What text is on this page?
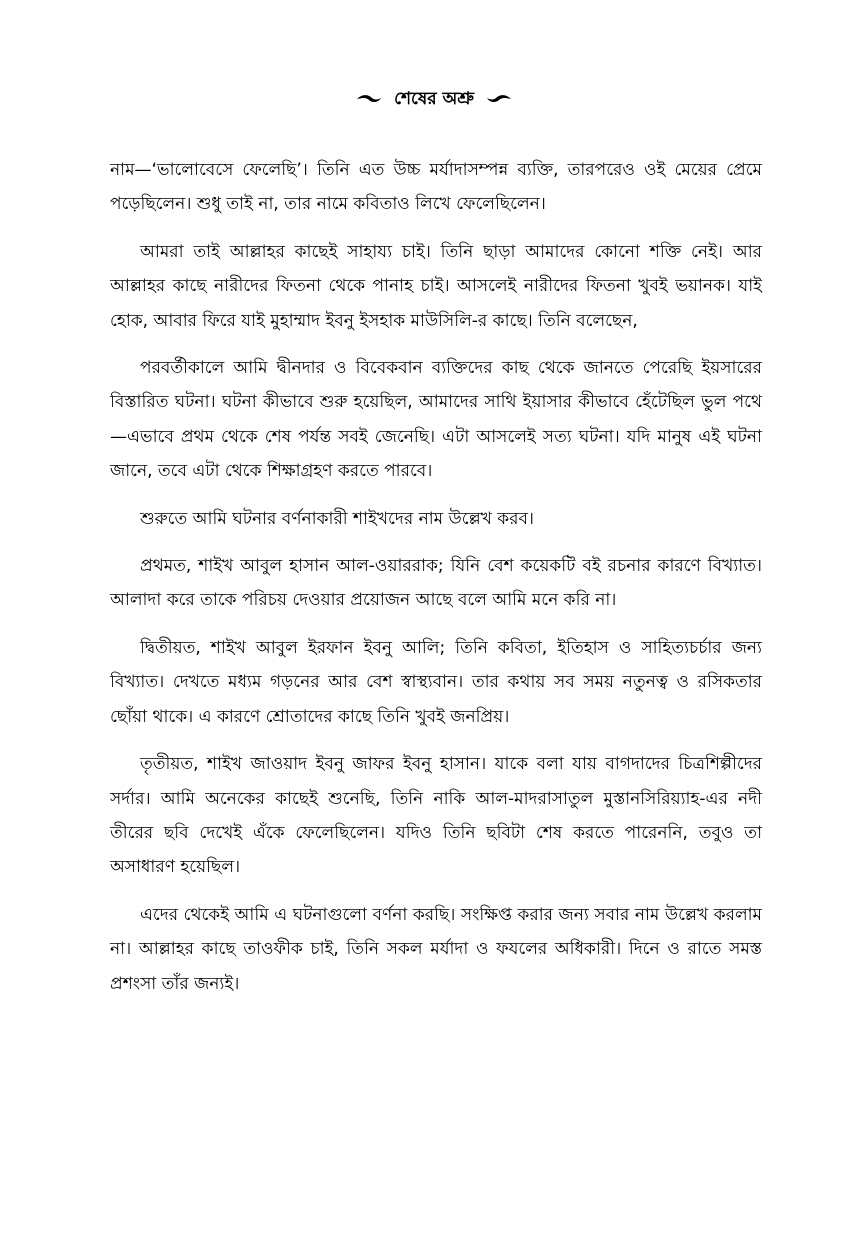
শেষের অশ্রু

নাম—‘ভালোবেসে ফেলেছি’। তিনি এত উচ্চ মর্যাদাসম্পন্ন ব্যক্তি, তারপরেও ওই মেয়ের প্রেমে পড়েছিলেন। শুধু তাই না, তার নামে কবিতাও লিখে ফেলেছিলেন।

আমরা তাই আল্লাহর কাছেই সাহায্য চাই। তিনি ছাড়া আমাদের কোনো শক্তি নেই। আর আল্লাহর কাছে নারীদের ফিতনা থেকে পানাহ চাই। আসলেই নারীদের ফিতনা খুবই ভয়ানক। যাই হোক, আবার ফিরে যাই মুহাম্মাদ ইবনু ইসহাক মাউসিলি-র কাছে। তিনি বলেছেন,

পরবর্তীকালে আমি দ্বীনদার ও বিবেকবান ব্যক্তিদের কাছ থেকে জানতে পেরেছি ইয়সারের বিস্তারিত ঘটনা। ঘটনা কীভাবে শুরু হয়েছিল, আমাদের সাথি ইয়াসার কীভাবে হেঁটেছিল ভুল পথে—এভাবে প্রথম থেকে শেষ পর্যন্ত সবই জেনেছি। এটা আসলেই সত্য ঘটনা। যদি মানুষ এই ঘটনা জানে, তবে এটা থেকে শিক্ষাগ্রহণ করতে পারবে।

শুরুতে আমি ঘটনার বর্ণনাকারী শাইখদের নাম উল্লেখ করব।

প্রথমত, শাইখ আবুল হাসান আল-ওয়াররাক; যিনি বেশ কয়েকটি বই রচনার কারণে বিখ্যাত। আলাদা করে তাকে পরিচয় দেওয়ার প্রয়োজন আছে বলে আমি মনে করি না।

দ্বিতীয়ত, শাইখ আবুল ইরফান ইবনু আলি; তিনি কবিতা, ইতিহাস ও সাহিত্যচর্চার জন্য বিখ্যাত। দেখতে মধ্যম গড়নের আর বেশ স্বাস্থ্যবান। তার কথায় সব সময় নতুনত্ব ও রসিকতার ছোঁয়া থাকে। এ কারণে শ্রোতাদের কাছে তিনি খুবই জনপ্রিয়।

তৃতীয়ত, শাইখ জাওয়াদ ইবনু জাফর ইবনু হাসান। যাকে বলা যায় বাগদাদের চিত্রশিল্পীদের সর্দার। আমি অনেকের কাছেই শুনেছি, তিনি নাকি আল-মাদরাসাতুল মুস্তানসিরিয়্যাহ-এর নদী তীরের ছবি দেখেই এঁকে ফেলেছিলেন। যদিও তিনি ছবিটা শেষ করতে পারেননি, তবুও তা অসাধারণ হয়েছিল।

এদের থেকেই আমি এ ঘটনাগুলো বর্ণনা করছি। সংক্ষিপ্ত করার জন্য সবার নাম উল্লেখ করলাম না। আল্লাহর কাছে তাওফীক চাই, তিনি সকল মর্যাদা ও ফযলের অধিকারী। দিনে ও রাতে সমস্ত প্রশংসা তাঁর জন্যই।
